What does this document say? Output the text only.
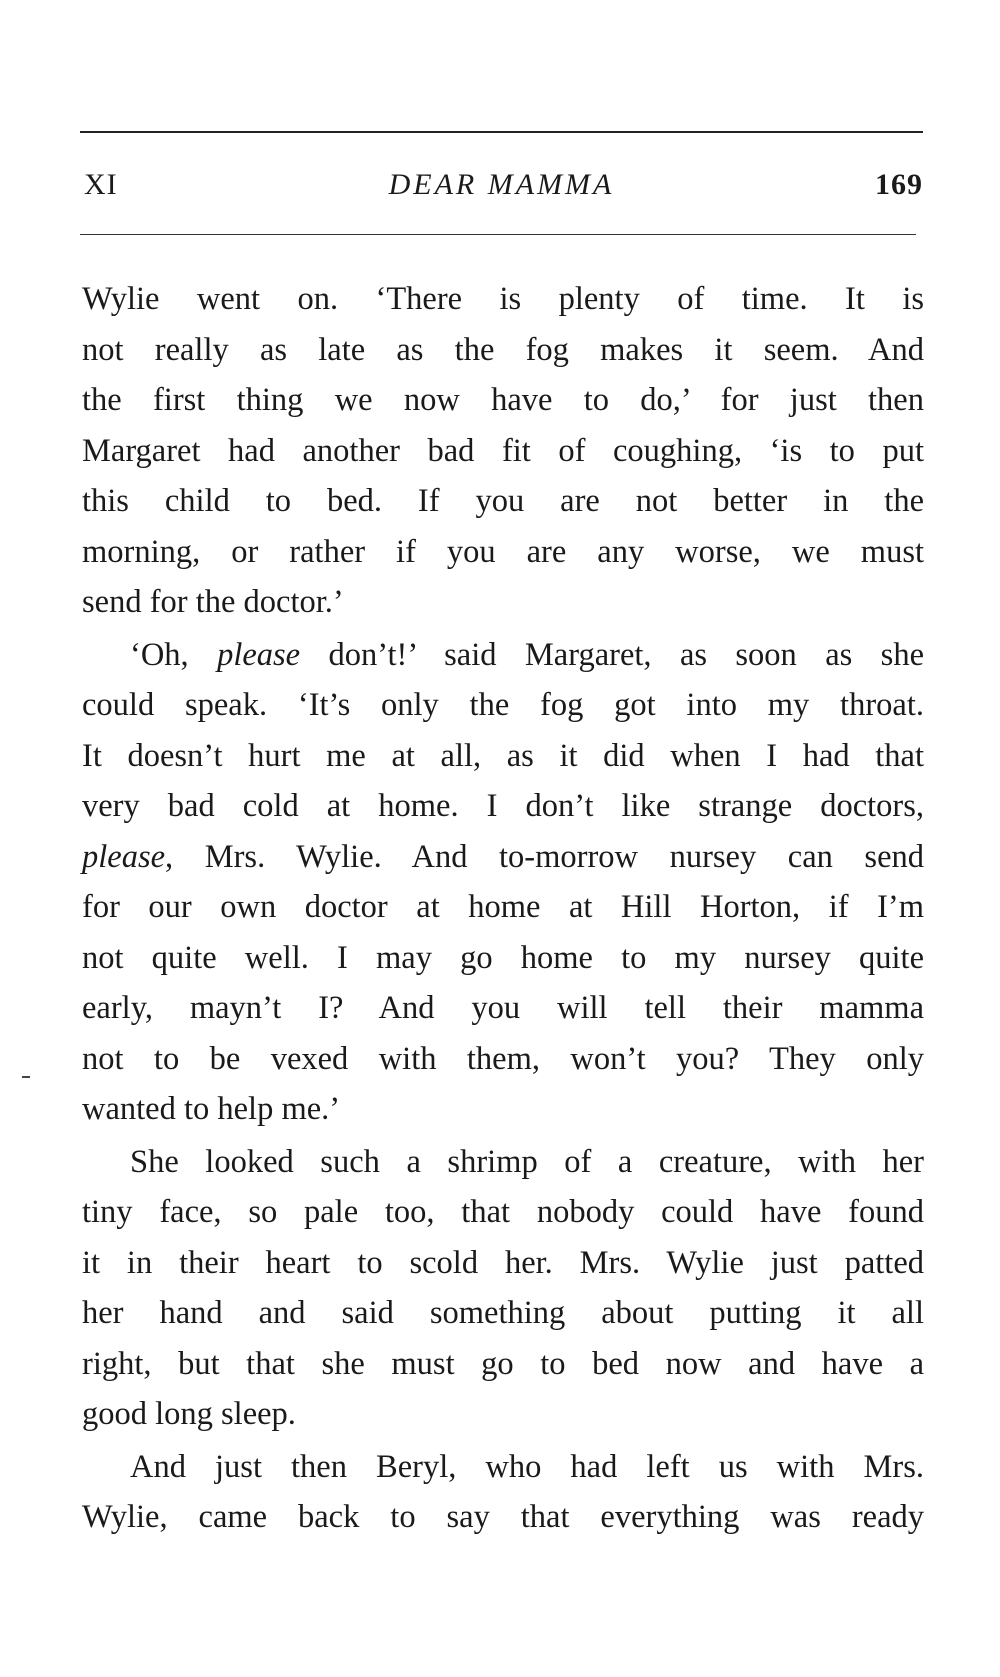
XI	DEAR MAMMA	169
Wylie went on. ‘There is plenty of time. It is
not really as late as the fog makes it seem. And
the first thing we now have to do,’ for just then
Margaret had another bad fit of coughing, ‘is to put
this child to bed. If you are not better in the
morning, or rather if you are any worse, we must
send for the doctor.’
‘Oh, please don’t!’ said Margaret, as soon as she
could speak. ‘It’s only the fog got into my throat.
It doesn’t hurt me at all, as it did when I had that
very bad cold at home. I don’t like strange doctors,
please, Mrs. Wylie. And to-morrow nursey can send
for our own doctor at home at Hill Horton, if I’m
not quite well. I may go home to my nursey quite
early, mayn’t I? And you will tell their mamma
not to be vexed with them, won’t you? They only
wanted to help me.’
She looked such a shrimp of a creature, with her
tiny face, so pale too, that nobody could have found
it in their heart to scold her. Mrs. Wylie just patted
her hand and said something about putting it all
right, but that she must go to bed now and have a
good long sleep.
And just then Beryl, who had left us with Mrs.
Wylie, came back to say that everything was ready
